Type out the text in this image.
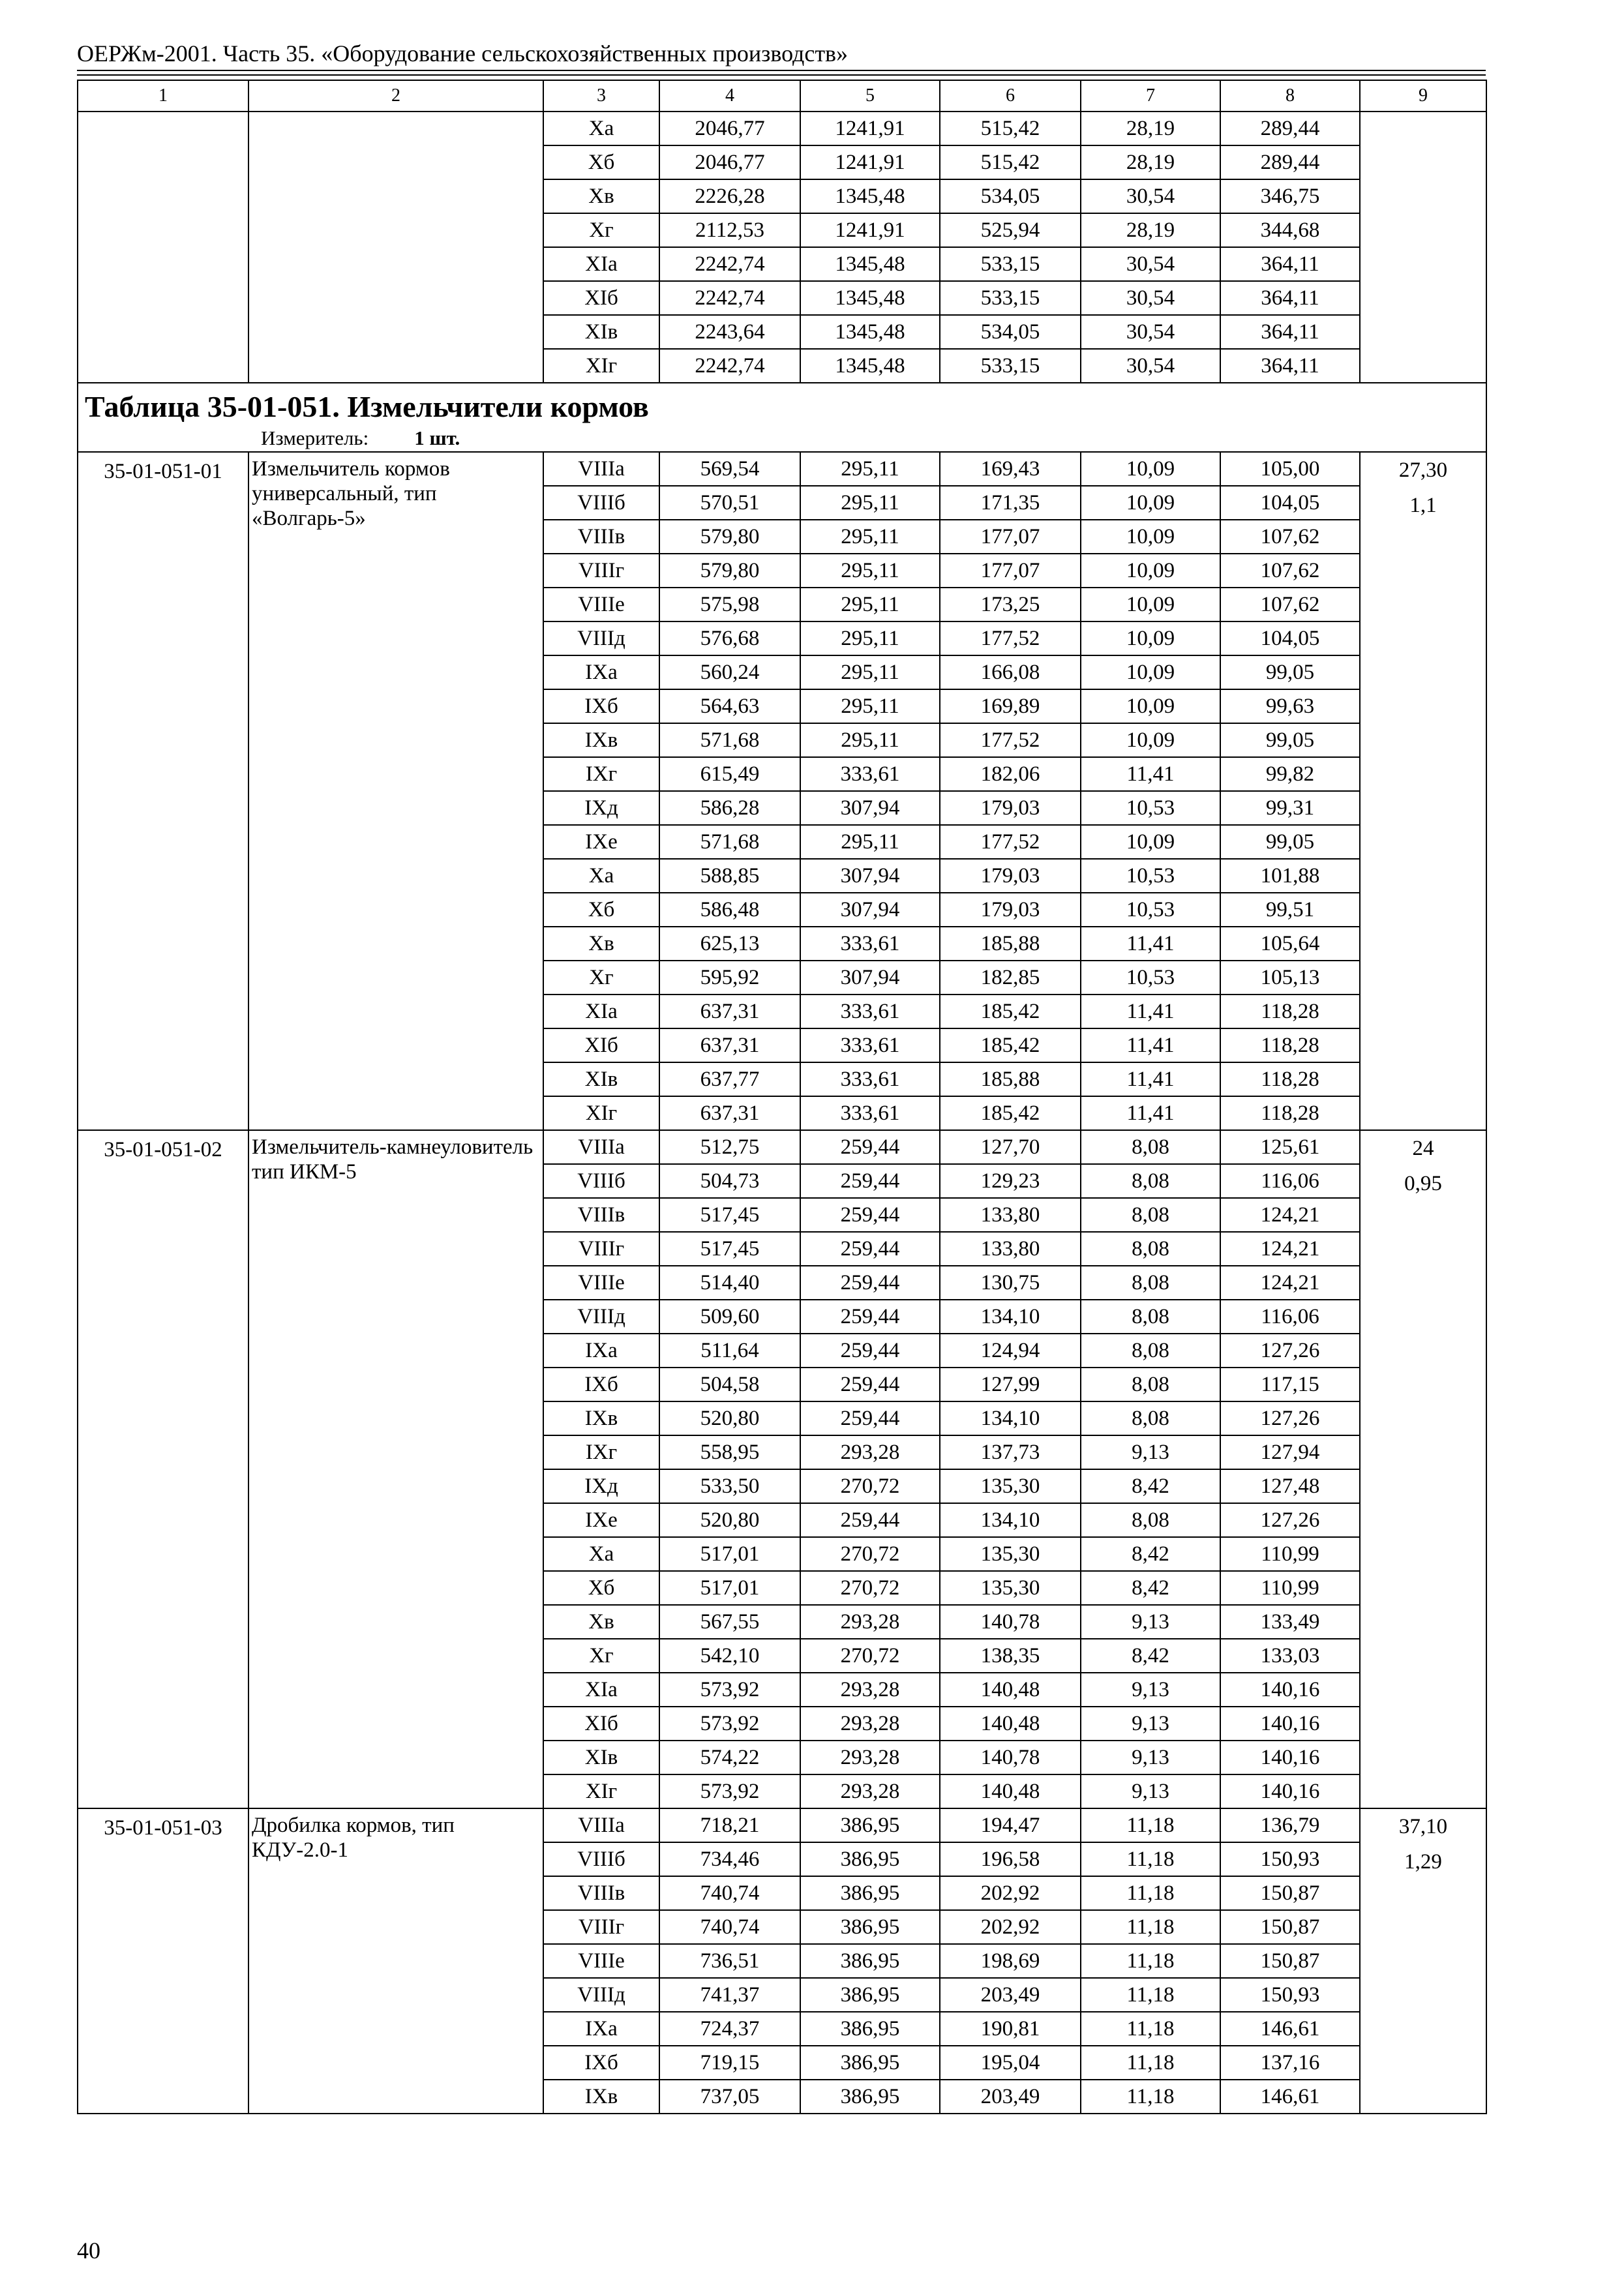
ОЕРЖм-2001. Часть 35. «Оборудование сельскохозяйственных производств»
1	2	3	4	5	6	7	8	9
		Xa	2046,77	1241,91	515,42	28,19	289,44	
		Xб	2046,77	1241,91	515,42	28,19	289,44	
		Xв	2226,28	1345,48	534,05	30,54	346,75	
		Xг	2112,53	1241,91	525,94	28,19	344,68	
		XIa	2242,74	1345,48	533,15	30,54	364,11	
		XIб	2242,74	1345,48	533,15	30,54	364,11	
		XIв	2243,64	1345,48	534,05	30,54	364,11	
		XIг	2242,74	1345,48	533,15	30,54	364,11	

Таблица 35-01-051. Измельчители кормов
Измеритель: 1 шт.								

35-01-051-01	Измельчитель кормов универсальный, тип «Волгарь-5»	VIIIa	569,54	295,11	169,43	10,09	105,00	27,30
1,1

		VIIIб	570,51	295,11	171,35	10,09	104,05	
		VIIIв	579,80	295,11	177,07	10,09	107,62	
		VIIIг	579,80	295,11	177,07	10,09	107,62	
		VIIIe	575,98	295,11	173,25	10,09	107,62	
		VIIIд	576,68	295,11	177,52	10,09	104,05	
		IXa	560,24	295,11	166,08	10,09	99,05	
		IXб	564,63	295,11	169,89	10,09	99,63	
		IXв	571,68	295,11	177,52	10,09	99,05	
		IXг	615,49	333,61	182,06	11,41	99,82	
		IXд	586,28	307,94	179,03	10,53	99,31	
		IXe	571,68	295,11	177,52	10,09	99,05	
		Xa	588,85	307,94	179,03	10,53	101,88	
		Xб	586,48	307,94	179,03	10,53	99,51	
		Xв	625,13	333,61	185,88	11,41	105,64	
		Xг	595,92	307,94	182,85	10,53	105,13	
		XIa	637,31	333,61	185,42	11,41	118,28	
		XIб	637,31	333,61	185,42	11,41	118,28	
		XIв	637,77	333,61	185,88	11,41	118,28	
		XIг	637,31	333,61	185,42	11,41	118,28	
35-01-051-02	Измельчитель-камнеуловитель тип ИКМ-5	VIIIa	512,75	259,44	127,70	8,08	125,61	24
0,95

		VIIIб	504,73	259,44	129,23	8,08	116,06	
		VIIIв	517,45	259,44	133,80	8,08	124,21	
		VIIIг	517,45	259,44	133,80	8,08	124,21	
		VIIIe	514,40	259,44	130,75	8,08	124,21	
		VIIIд	509,60	259,44	134,10	8,08	116,06	
		IXa	511,64	259,44	124,94	8,08	127,26	
		IXб	504,58	259,44	127,99	8,08	117,15	
		IXв	520,80	259,44	134,10	8,08	127,26	
		IXг	558,95	293,28	137,73	9,13	127,94	
		IXд	533,50	270,72	135,30	8,42	127,48	
		IXe	520,80	259,44	134,10	8,08	127,26	
		Xa	517,01	270,72	135,30	8,42	110,99	
		Xб	517,01	270,72	135,30	8,42	110,99	
		Xв	567,55	293,28	140,78	9,13	133,49	
		Xг	542,10	270,72	138,35	8,42	133,03	
		XIa	573,92	293,28	140,48	9,13	140,16	
		XIб	573,92	293,28	140,48	9,13	140,16	
		XIв	574,22	293,28	140,78	9,13	140,16	
		XIг	573,92	293,28	140,48	9,13	140,16	
35-01-051-03	Дробилка кормов, тип КДУ-2.0-1	VIIIa	718,21	386,95	194,47	11,18	136,79	37,10
1,29

		VIIIб	734,46	386,95	196,58	11,18	150,93	
		VIIIв	740,74	386,95	202,92	11,18	150,87	
		VIIIг	740,74	386,95	202,92	11,18	150,87	
		VIIIe	736,51	386,95	198,69	11,18	150,87	
		VIIIд	741,37	386,95	203,49	11,18	150,93	
		IXa	724,37	386,95	190,81	11,18	146,61	
		IXб	719,15	386,95	195,04	11,18	137,16	
		IXв	737,05	386,95	203,49	11,18	146,61	
40
